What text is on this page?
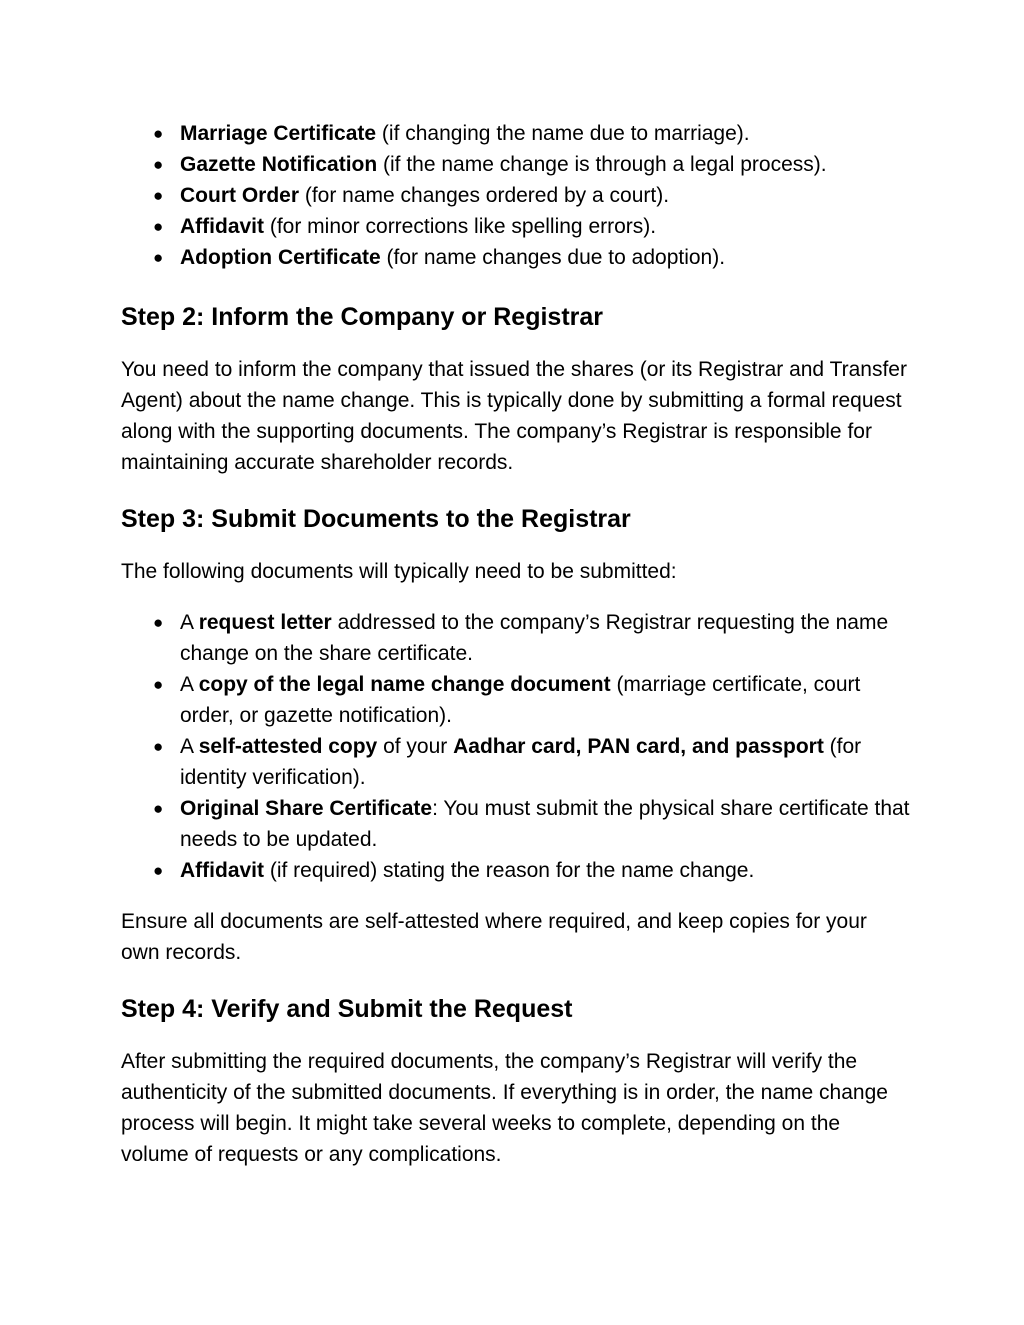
● Marriage Certificate (if changing the name due to marriage).
● Gazette Notification (if the name change is through a legal process).
● Court Order (for name changes ordered by a court).
● Affidavit (for minor corrections like spelling errors).
● Adoption Certificate (for name changes due to adoption).
Step 2: Inform the Company or Registrar

You need to inform the company that issued the shares (or its Registrar and Transfer Agent) about the name change. This is typically done by submitting a formal request along with the supporting documents. The company’s Registrar is responsible for maintaining accurate shareholder records.

Step 3: Submit Documents to the Registrar

The following documents will typically need to be submitted:

● A request letter addressed to the company’s Registrar requesting the name change on the share certificate.
● A copy of the legal name change document (marriage certificate, court order, or gazette notification).
● A self-attested copy of your Aadhar card, PAN card, and passport (for identity verification).
● Original Share Certificate: You must submit the physical share certificate that needs to be updated.
● Affidavit (if required) stating the reason for the name change.

Ensure all documents are self-attested where required, and keep copies for your own records.

Step 4: Verify and Submit the Request

After submitting the required documents, the company’s Registrar will verify the authenticity of the submitted documents. If everything is in order, the name change process will begin. It might take several weeks to complete, depending on the volume of requests or any complications.
